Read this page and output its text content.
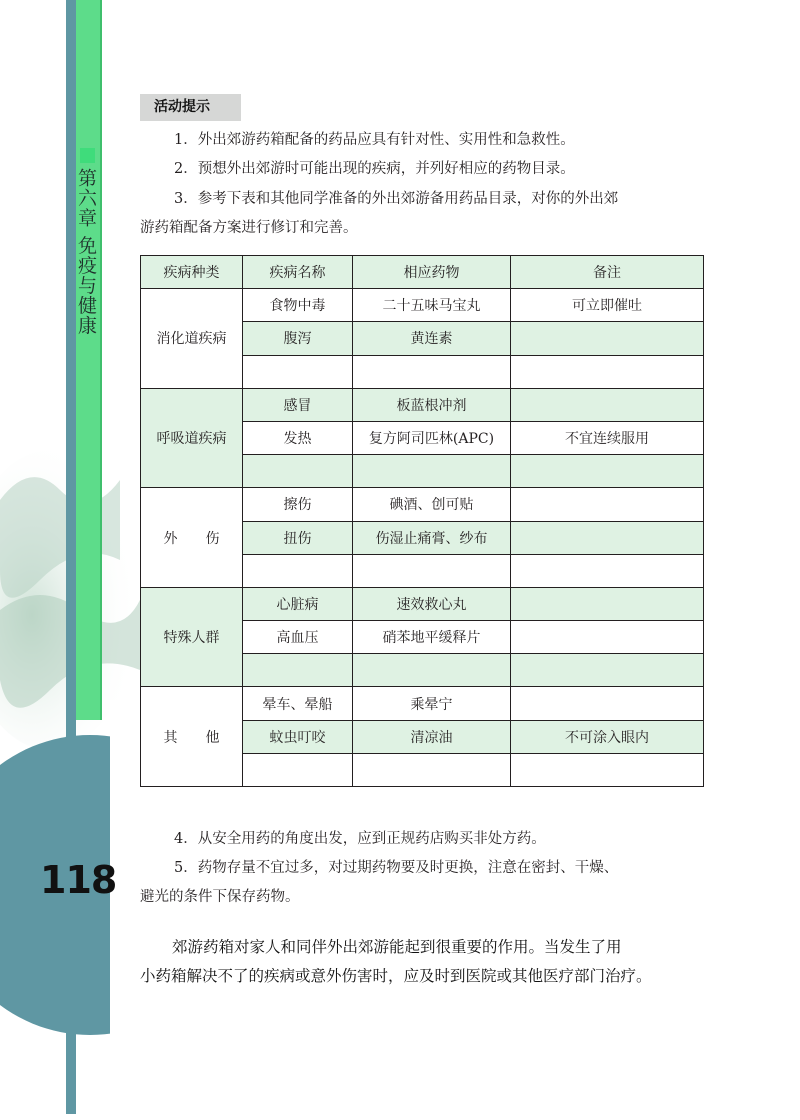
第六章 免疫与健康
118
活动提示
1．外出郊游药箱配备的药品应具有针对性、实用性和急救性。
2．预想外出郊游时可能出现的疾病，并列好相应的药物目录。
3．参考下表和其他同学准备的外出郊游备用药品目录，对你的外出郊
游药箱配备方案进行修订和完善。
疾病种类	疾病名称	相应药物	备注
消化道疾病	食物中毒	二十五味马宝丸	可立即催吐
	腹泻	黄连素	

呼吸道疾病	感冒	板蓝根冲剂	
	发热	复方阿司匹林(APC)	不宜连续服用

外　　伤	擦伤	碘酒、创可贴	
	扭伤	伤湿止痛膏、纱布	

特殊人群	心脏病	速效救心丸	
	高血压	硝苯地平缓释片	

其　　他	晕车、晕船	乘晕宁	
	蚊虫叮咬	清凉油	不可涂入眼内

4．从安全用药的角度出发，应到正规药店购买非处方药。
5．药物存量不宜过多，对过期药物要及时更换，注意在密封、干燥、
避光的条件下保存药物。
郊游药箱对家人和同伴外出郊游能起到很重要的作用。当发生了用
小药箱解决不了的疾病或意外伤害时，应及时到医院或其他医疗部门治疗。
